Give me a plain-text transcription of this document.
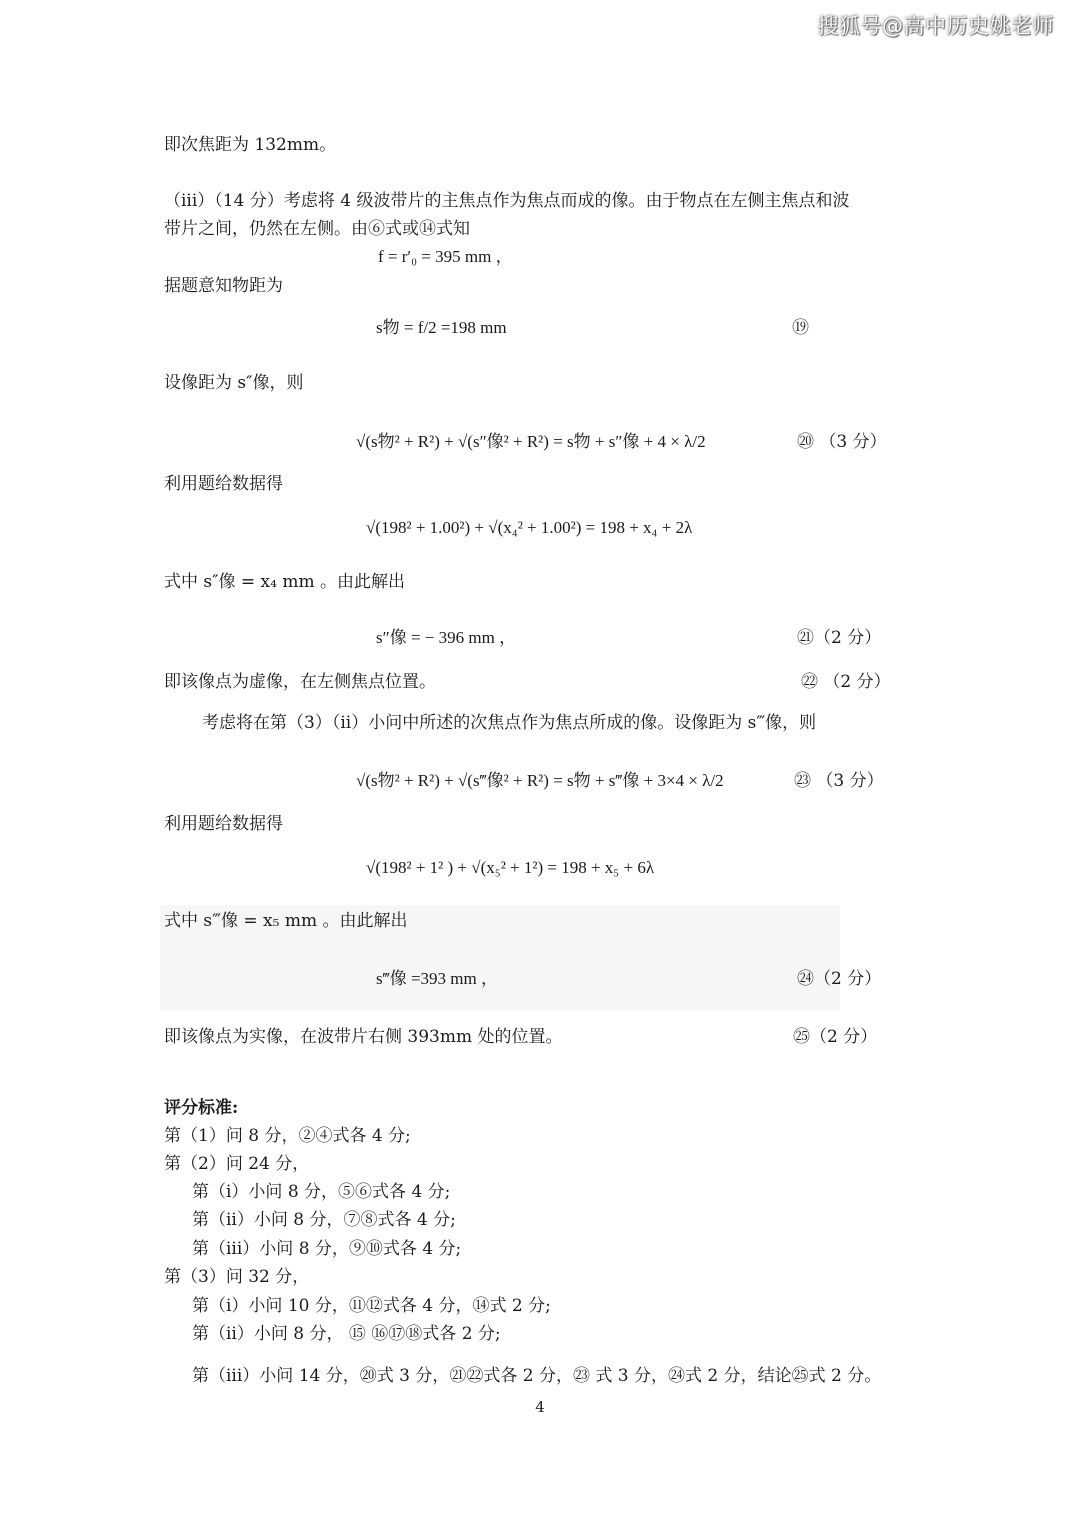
搜狐号@高中历史姚老师
即次焦距为 132mm。
（iii）（14 分）考虑将 4 级波带片的主焦点作为焦点而成的像。由于物点在左侧主焦点和波
带片之间，仍然在左侧。由⑥式或⑭式知
f = r′₀ = 395 mm ，
据题意知物距为
s物 = f/2 =198 mm	⑲
设像距为 s″像，则
√(s物² + R²) + √(s″像² + R²) = s物 + s″像 + 4 × λ/2	⑳ （3 分）
利用题给数据得
√(198² + 1.00²) + √(x₄² + 1.00²) = 198 + x₄ + 2λ
式中 s″像 = x₄ mm 。由此解出
s″像 = − 396 mm ，	㉑（2 分）
即该像点为虚像，在左侧焦点位置。	㉒ （2 分）
考虑将在第（3）（ii）小问中所述的次焦点作为焦点所成的像。设像距为 s‴像，则
√(s物² + R²) + √(s‴像² + R²) = s物 + s‴像 + 3×4 × λ/2	㉓ （3 分）
利用题给数据得
√(198² + 1² ) + √(x₅² + 1²) = 198 + x₅ + 6λ
式中 s‴像 = x₅ mm 。由此解出
s‴像 =393 mm ，	㉔（2 分）
即该像点为实像，在波带片右侧 393mm 处的位置。	㉕（2 分）
评分标准:
第（1）问 8 分，②④式各 4 分;
第（2）问 24 分，
第（i）小问 8 分，⑤⑥式各 4 分;
第（ii）小问 8 分，⑦⑧式各 4 分;
第（iii）小问 8 分，⑨⑩式各 4 分;
第（3）问 32 分，
第（i）小问 10 分，⑪⑫式各 4 分，⑭式 2 分;
第（ii）小问 8 分， ⑮ ⑯⑰⑱式各 2 分;
第（iii）小问 14 分，⑳式 3 分，㉑㉒式各 2 分，㉓ 式 3 分，㉔式 2 分，结论㉕式 2 分。
4
